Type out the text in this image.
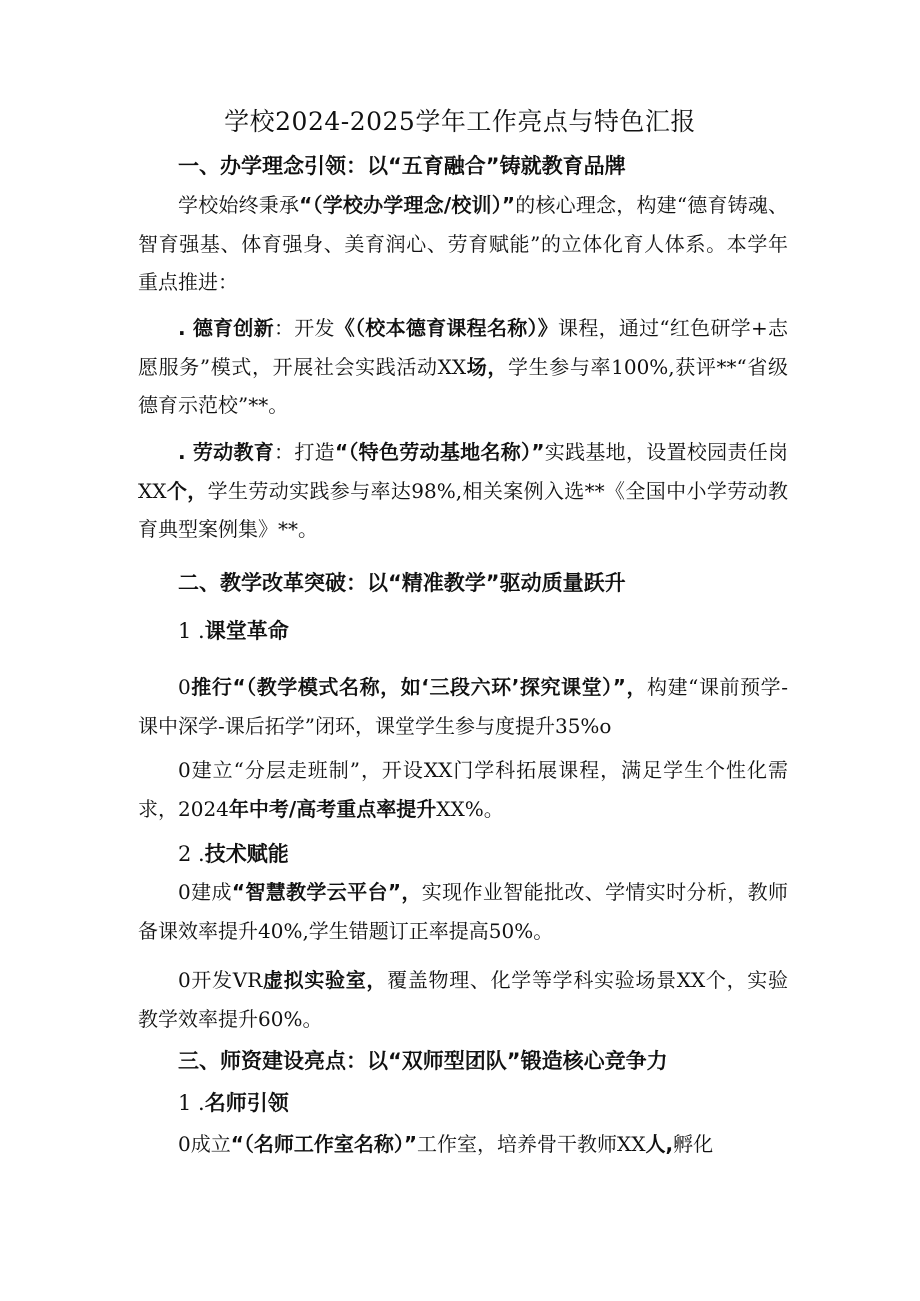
学校2024-2025学年工作亮点与特色汇报
一、办学理念引领：以“五育融合”铸就教育品牌

学校始终秉承“（学校办学理念/校训）”的核心理念，构建“德育铸魂、智育强基、体育强身、美育润心、劳育赋能”的立体化育人体系。本学年重点推进：

. 德育创新：开发《（校本德育课程名称）》课程，通过“红色研学+志愿服务”模式，开展社会实践活动XX场，学生参与率100%,获评**“省级德育示范校”**。

. 劳动教育：打造“（特色劳动基地名称）”实践基地，设置校园责任岗XX个，学生劳动实践参与率达98%,相关案例入选**《全国中小学劳动教育典型案例集》**。

二、教学改革突破：以“精准教学”驱动质量跃升
1 .课堂革命

0推行“（教学模式名称，如‘三段六环’探究课堂）”，构建“课前预学-课中深学-课后拓学”闭环，课堂学生参与度提升35%o

0建立“分层走班制”，开设XX门学科拓展课程，满足学生个性化需求，2024年中考/高考重点率提升XX%。

2 .技术赋能

0建成“智慧教学云平台”，实现作业智能批改、学情实时分析，教师备课效率提升40%,学生错题订正率提高50%。

0开发VR虚拟实验室，覆盖物理、化学等学科实验场景XX个，实验教学效率提升60%。

三、师资建设亮点：以“双师型团队”锻造核心竞争力
1 .名师引领

0成立“（名师工作室名称）”工作室，培养骨干教师XX人,孵化
